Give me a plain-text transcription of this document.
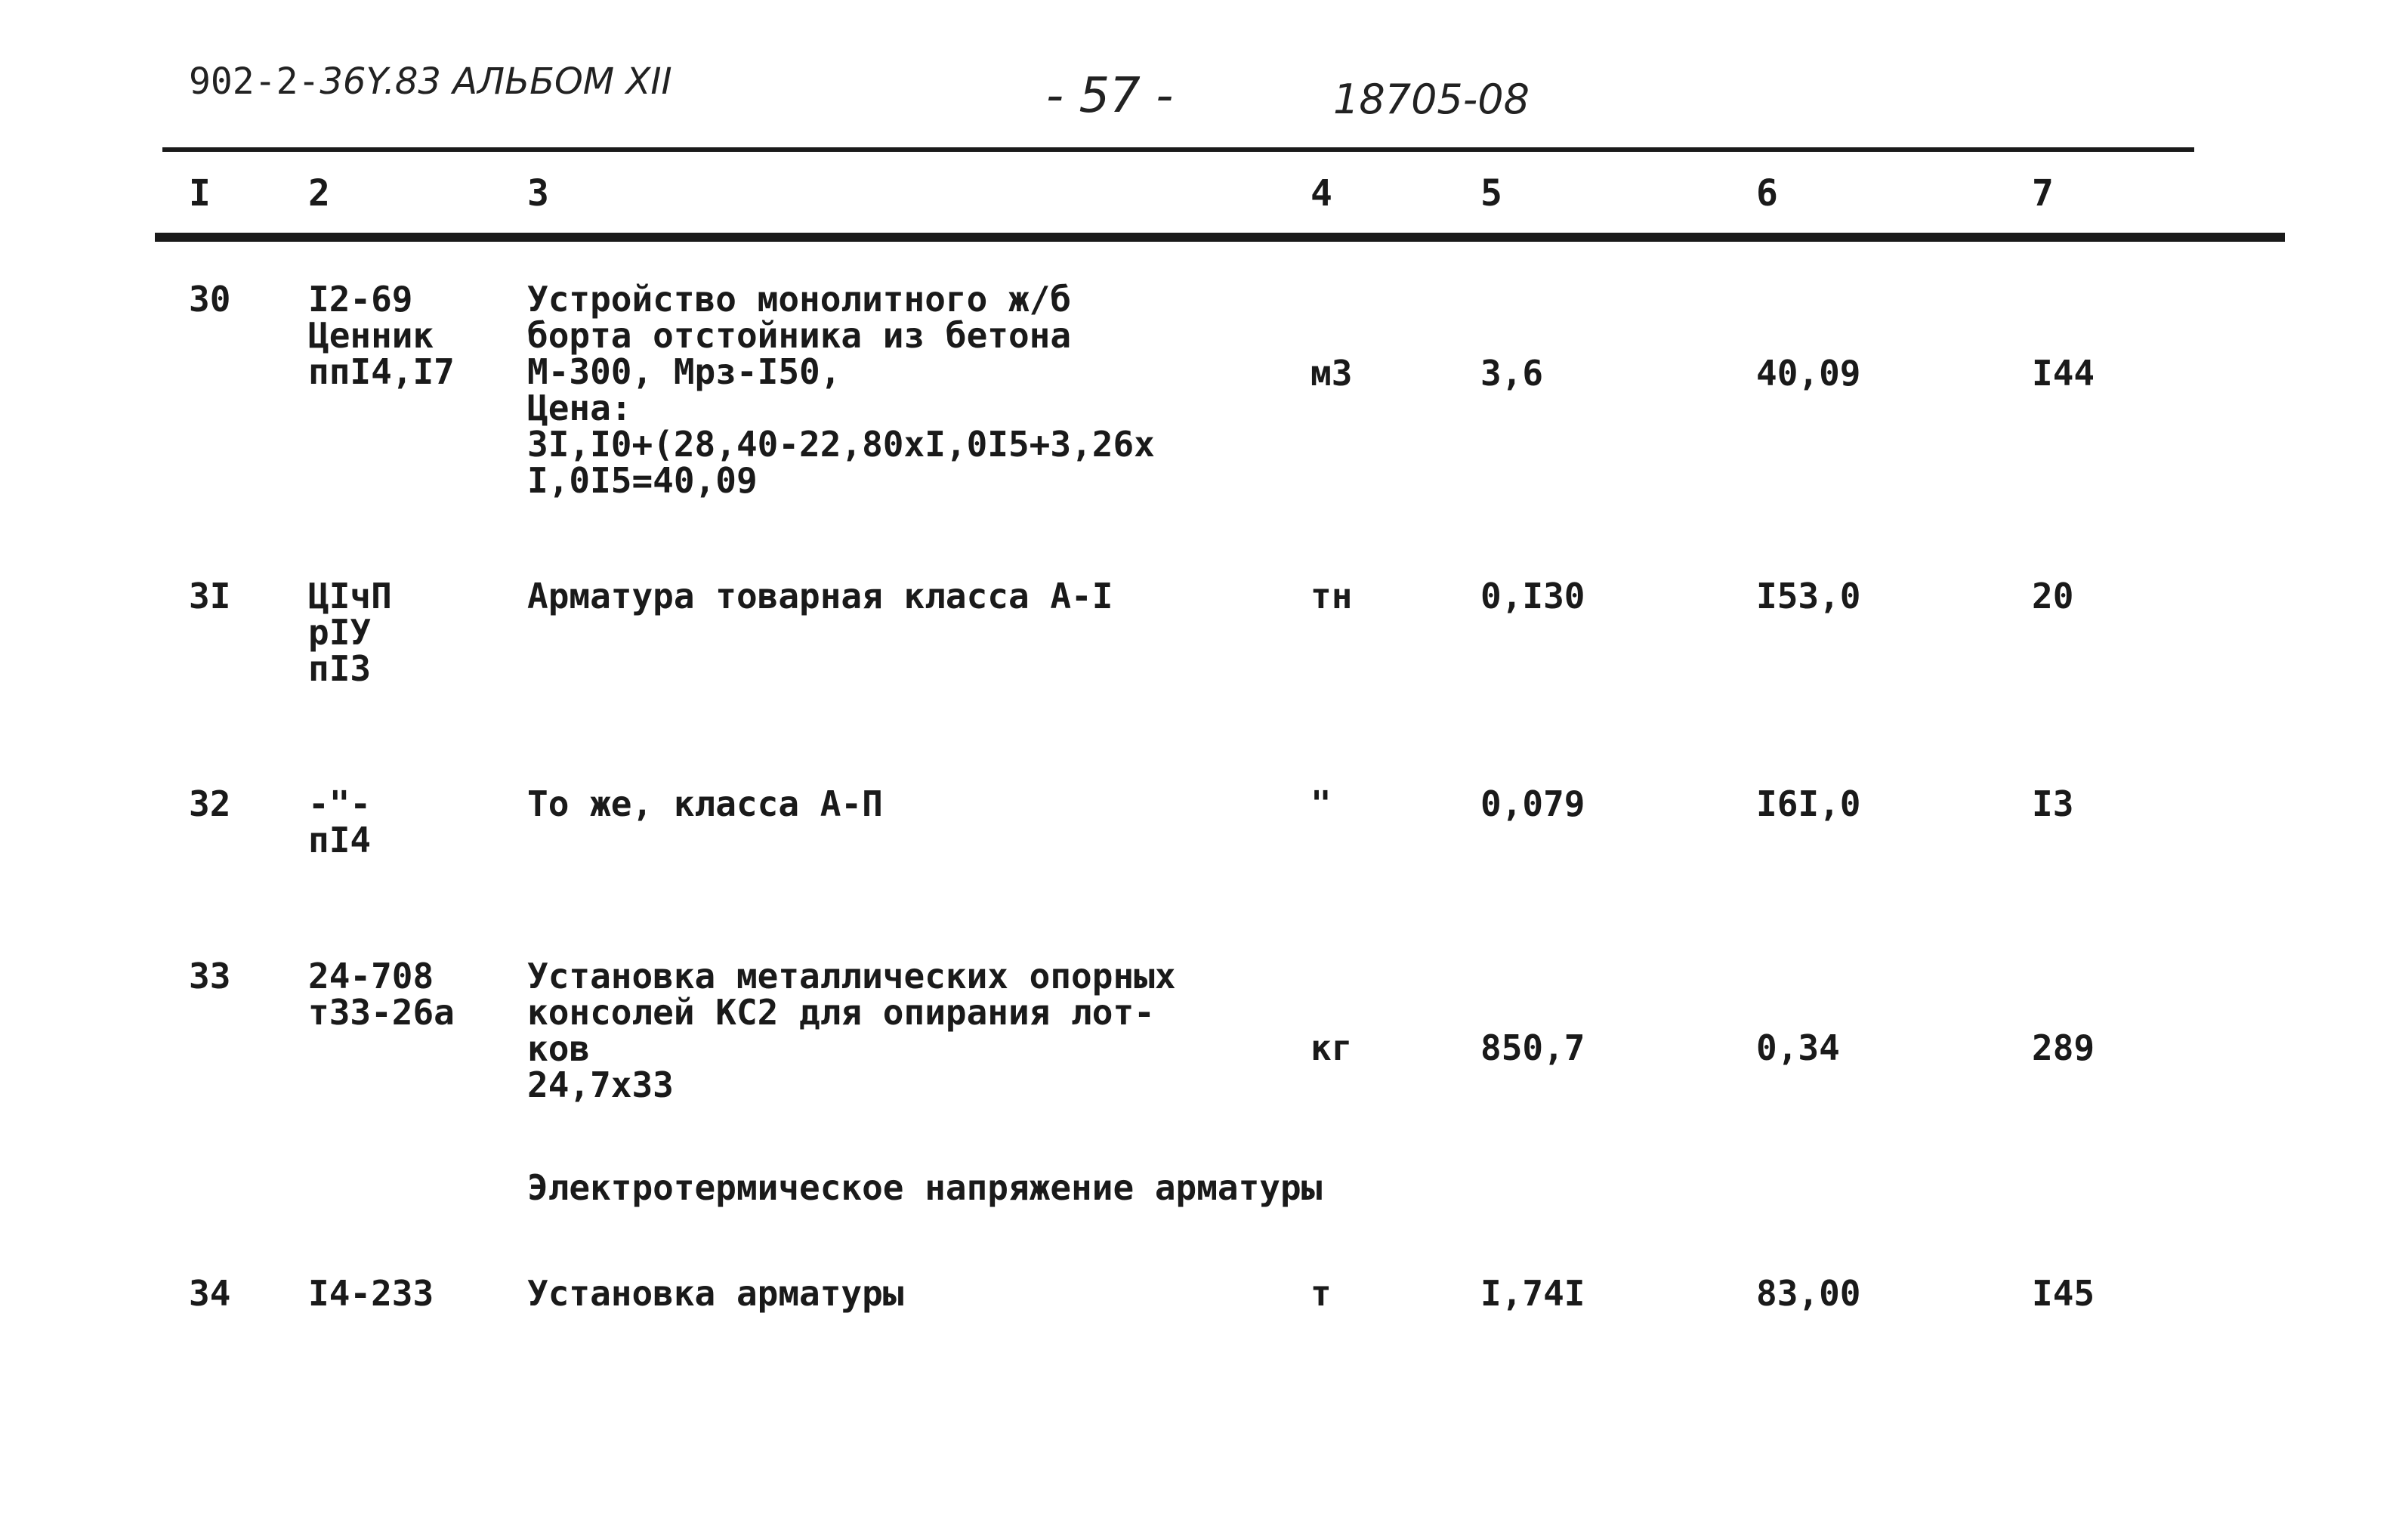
902-2-36Y.83 АЛЬБОМ XII	- 57 -	18705-08
I	2	3	4	5	6	7
30 I2-69
Ценник
ппI4,I7
Устройство монолитного ж/б
борта отстойника из бетона
М-300, Мрз-I50,
Цена:
3I,I0+(28,40-22,80xI,0I5+3,26x
I,0I5=40,09
м3	3,6	40,09	I44
3I ЦIчП
рIУ
пI3
Арматура товарная класса А-I	тн	0,I30	I53,0	20
32 -"-
пI4
То же, класса А-П	"	0,079	I6I,0	I3
33 24-708
т33-26а
Установка металлических опорных
консолей КС2 для опирания лот-
ков
24,7x33
кг	850,7	0,34	289
Электротермическое напряжение арматуры
34 I4-233	Установка арматуры	т	I,74I	83,00	I45
